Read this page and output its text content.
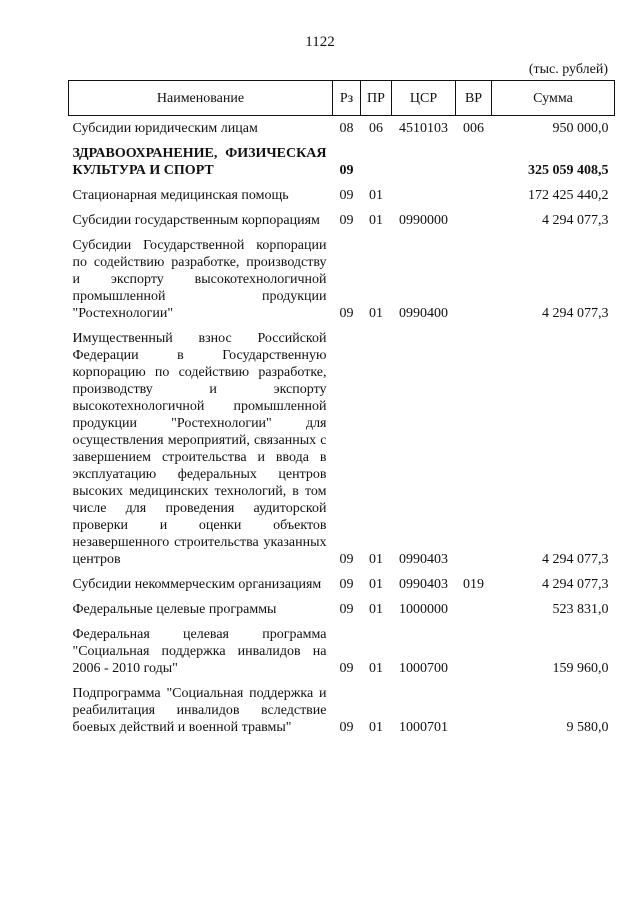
1122
(тыс. рублей)
Наименование	Рз	ПР	ЦСР	ВР	Сумма
Субсидии юридическим лицам	08	06	4510103	006	950 000,0
ЗДРАВООХРАНЕНИЕ, ФИЗИЧЕСКАЯ КУЛЬТУРА И СПОРТ	09				325 059 408,5
Стационарная медицинская помощь	09	01			172 425 440,2
Субсидии государственным корпорациям	09	01	0990000		4 294 077,3
Субсидии Государственной корпорации по содействию разработке, производству и экспорту высокотехнологичной промышленной продукции "Ростехнологии"	09	01	0990400		4 294 077,3
Имущественный взнос Российской Федерации в Государственную корпорацию по содействию разработке, производству и экспорту высокотехнологичной промышленной продукции "Ростехнологии" для осуществления мероприятий, связанных с завершением строительства и ввода в эксплуатацию федеральных центров высоких медицинских технологий, в том числе для проведения аудиторской проверки и оценки объектов незавершенного строительства указанных центров	09	01	0990403		4 294 077,3
Субсидии некоммерческим организациям	09	01	0990403	019	4 294 077,3
Федеральные целевые программы	09	01	1000000		523 831,0
Федеральная целевая программа "Социальная поддержка инвалидов на 2006 - 2010 годы"	09	01	1000700		159 960,0
Подпрограмма "Социальная поддержка и реабилитация инвалидов вследствие боевых действий и военной травмы"	09	01	1000701		9 580,0
